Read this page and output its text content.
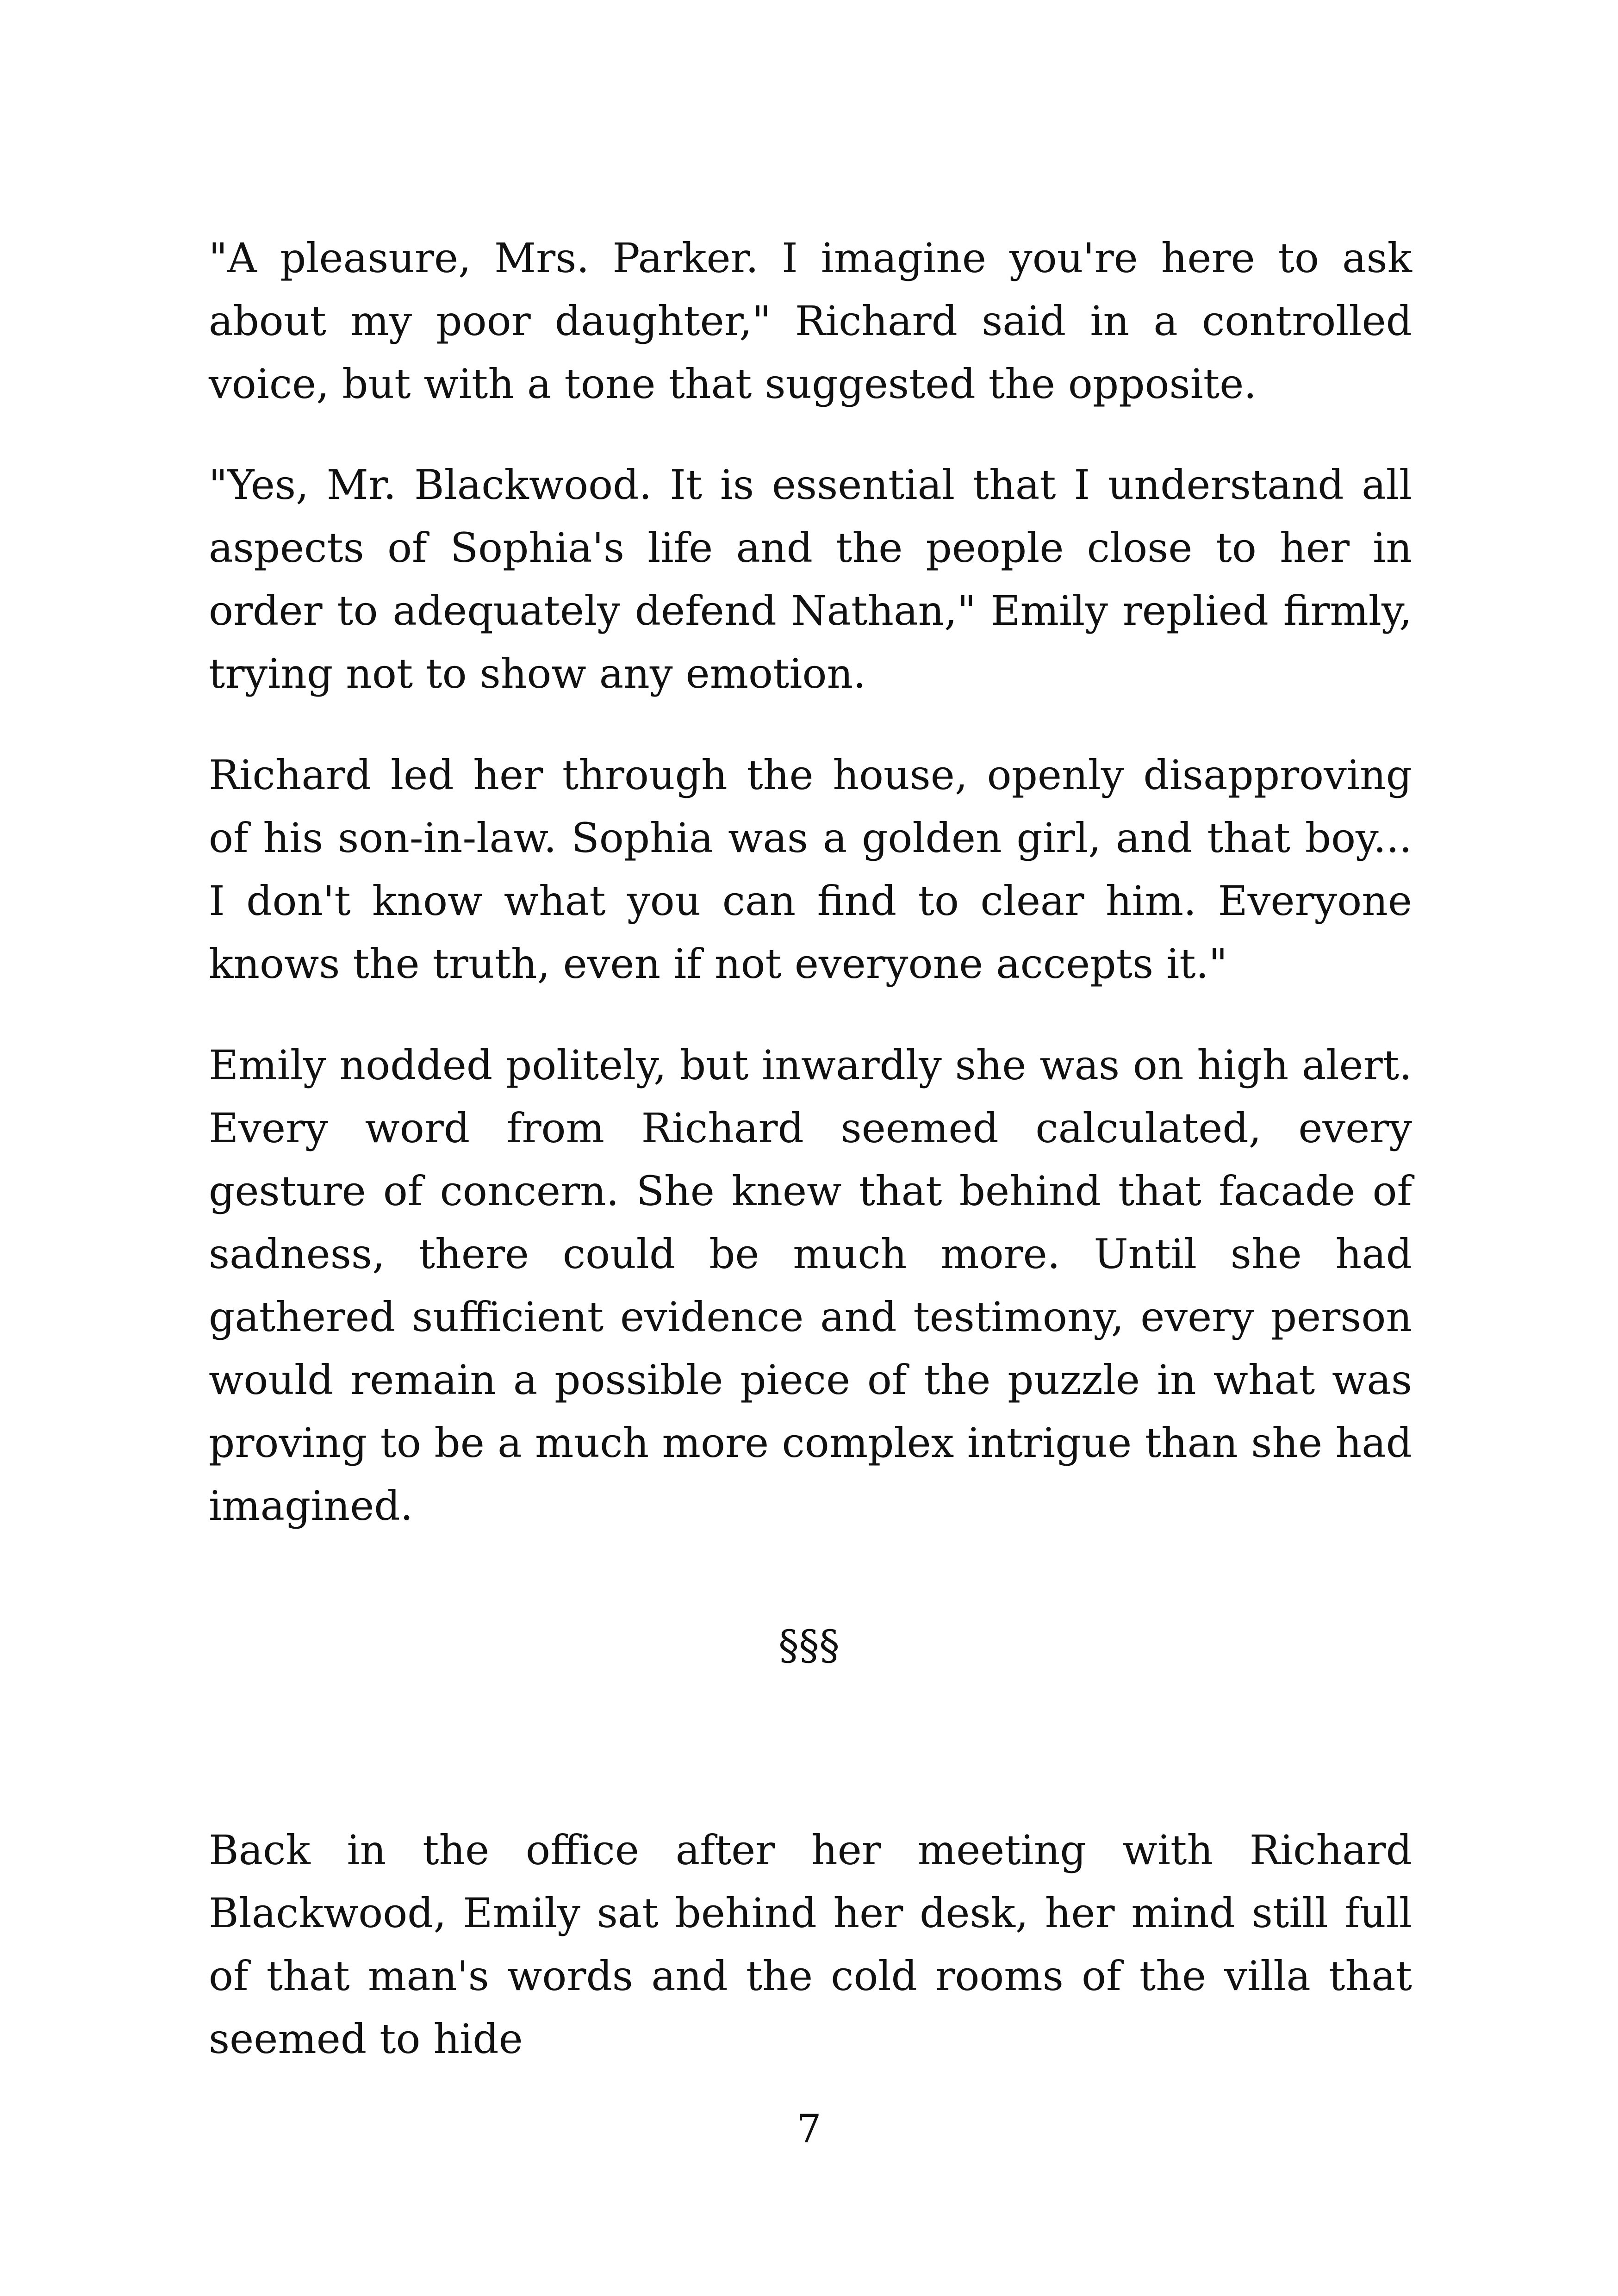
"A pleasure, Mrs. Parker. I imagine you're here to ask about my poor daughter," Richard said in a controlled voice, but with a tone that suggested the opposite.

"Yes, Mr. Blackwood. It is essential that I understand all aspects of Sophia's life and the people close to her in order to adequately defend Nathan," Emily replied firmly, trying not to show any emotion.

Richard led her through the house, openly disapproving of his son-in-law. Sophia was a golden girl, and that boy... I don't know what you can find to clear him. Everyone knows the truth, even if not everyone accepts it."

Emily nodded politely, but inwardly she was on high alert. Every word from Richard seemed calculated, every gesture of concern. She knew that behind that facade of sadness, there could be much more. Until she had gathered sufficient evidence and testimony, every person would remain a possible piece of the puzzle in what was proving to be a much more complex intrigue than she had imagined.

§§§

Back in the office after her meeting with Richard Blackwood, Emily sat behind her desk, her mind still full of that man's words and the cold rooms of the villa that seemed to hide

7
